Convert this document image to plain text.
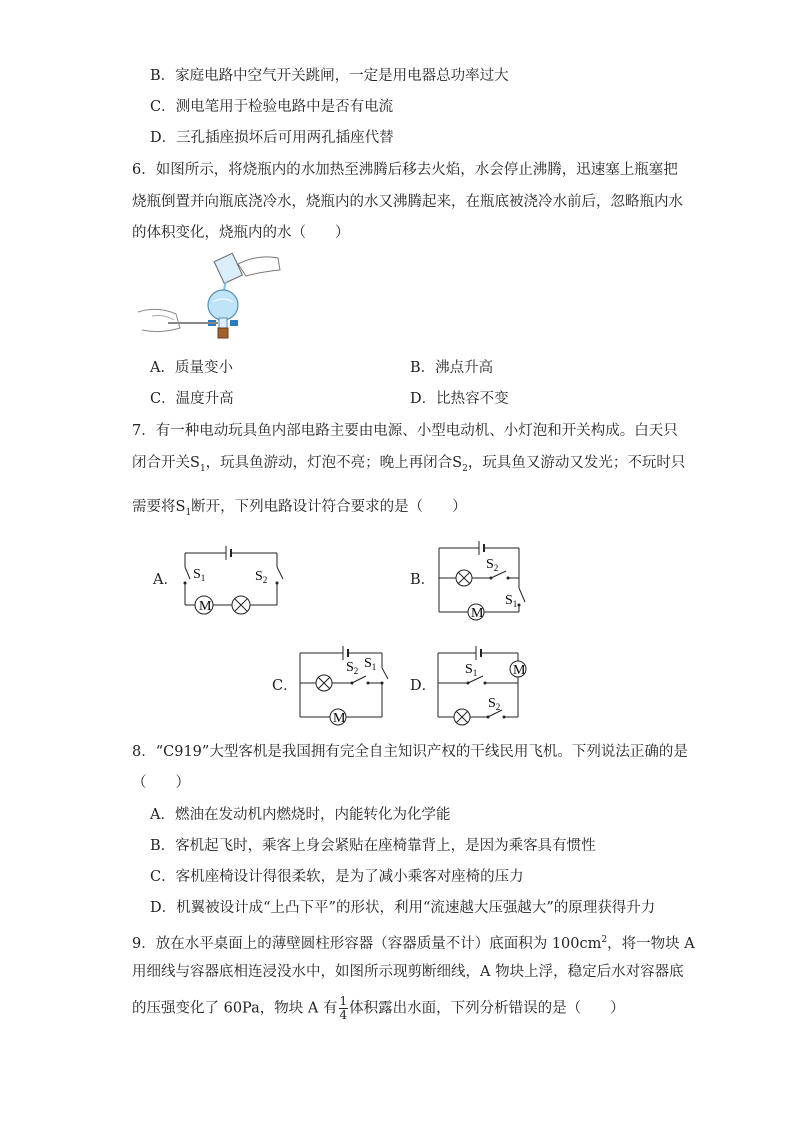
B．家庭电路中空气开关跳闸，一定是用电器总功率过大
C．测电笔用于检验电路中是否有电流
D．三孔插座损坏后可用两孔插座代替
6．如图所示，将烧瓶内的水加热至沸腾后移去火焰，水会停止沸腾，迅速塞上瓶塞把
烧瓶倒置并向瓶底浇冷水，烧瓶内的水又沸腾起来，在瓶底被浇冷水前后，忽略瓶内水
的体积变化，烧瓶内的水（　　）
A．质量变小	B．沸点升高
C．温度升高	D．比热容不变
7．有一种电动玩具鱼内部电路主要由电源、小型电动机、小灯泡和开关构成。白天只
闭合开关$S_1$，玩具鱼游动，灯泡不亮；晚上再闭合$S_2$，玩具鱼又游动又发光；不玩时只
需要将$S_1$断开，下列电路设计符合要求的是（　　）
A． $S_1$	$S_2$
M
B．
$S_2$
$S_1$
M
C．
$S_2$ $S_1$
M
D．
$S_1$
$S_2$
M
8．“C919”大型客机是我国拥有完全自主知识产权的干线民用飞机。下列说法正确的是
（　　）
A．燃油在发动机内燃烧时，内能转化为化学能
B．客机起飞时，乘客上身会紧贴在座椅靠背上，是因为乘客具有惯性
C．客机座椅设计得很柔软，是为了减小乘客对座椅的压力
D．机翼被设计成“上凸下平”的形状，利用“流速越大压强越大”的原理获得升力
9．放在水平桌面上的薄壁圆柱形容器（容器质量不计）底面积为 $100cm^2$，将一物块 A
用细线与容器底相连浸没水中，如图所示现剪断细线，A 物块上浮，稳定后水对容器底
的压强变化了 60Pa，物块 A 有 $\frac{1}{4}$ 体积露出水面，下列分析错误的是（　　）
